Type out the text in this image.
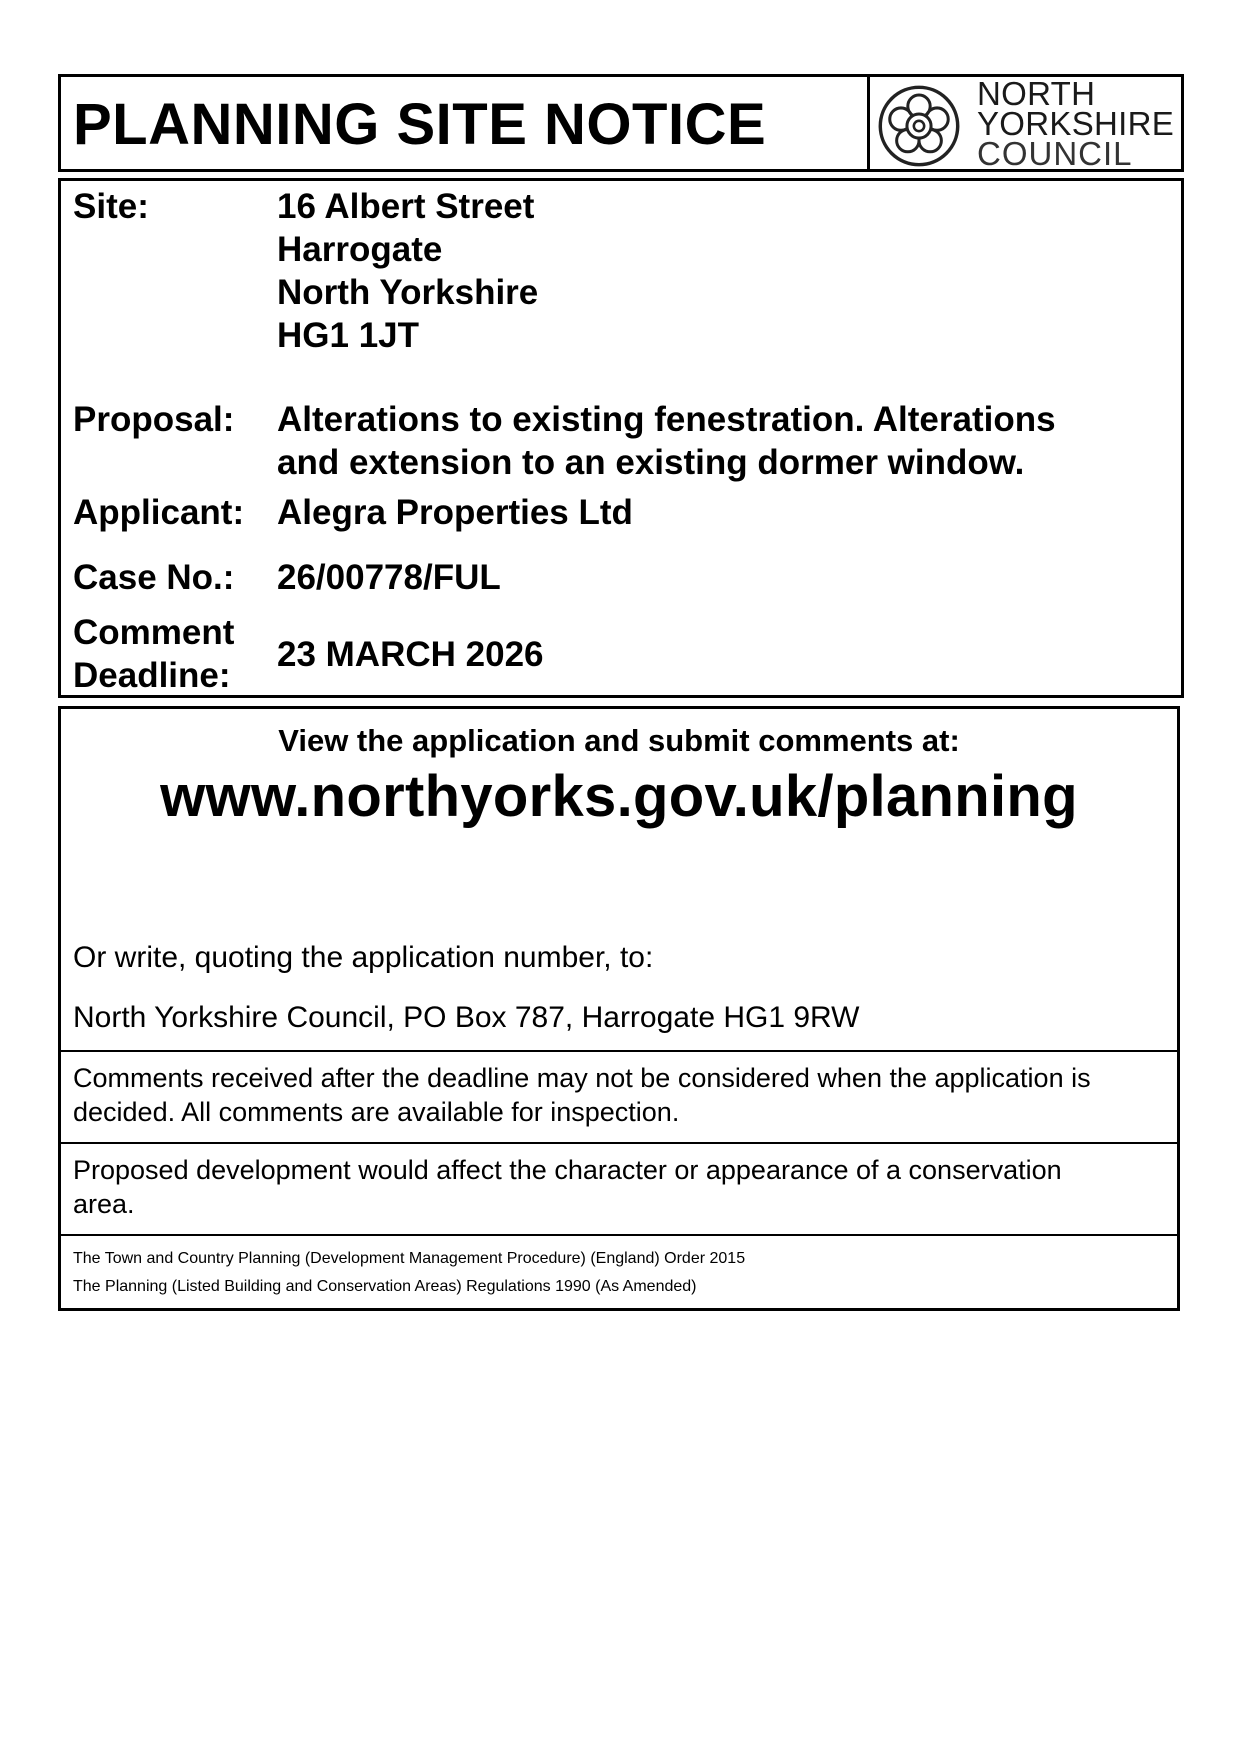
PLANNING SITE NOTICE	NORTH
YORKSHIRE
COUNCIL
Site:	16 Albert Street
Harrogate
North Yorkshire
HG1 1JT
Proposal: Alterations to existing fenestration. Alterations
and extension to an existing dormer window.
Applicant: Alegra Properties Ltd
Case No.: 26/00778/FUL
Comment
Deadline:
23 MARCH 2026
View the application and submit comments at:
www.northyorks.gov.uk/planning
Or write, quoting the application number, to:
North Yorkshire Council, PO Box 787, Harrogate HG1 9RW
Comments received after the deadline may not be considered when the application is
decided. All comments are available for inspection.
Proposed development would affect the character or appearance of a conservation
area.
The Town and Country Planning (Development Management Procedure) (England) Order 2015
The Planning (Listed Building and Conservation Areas) Regulations 1990 (As Amended)
